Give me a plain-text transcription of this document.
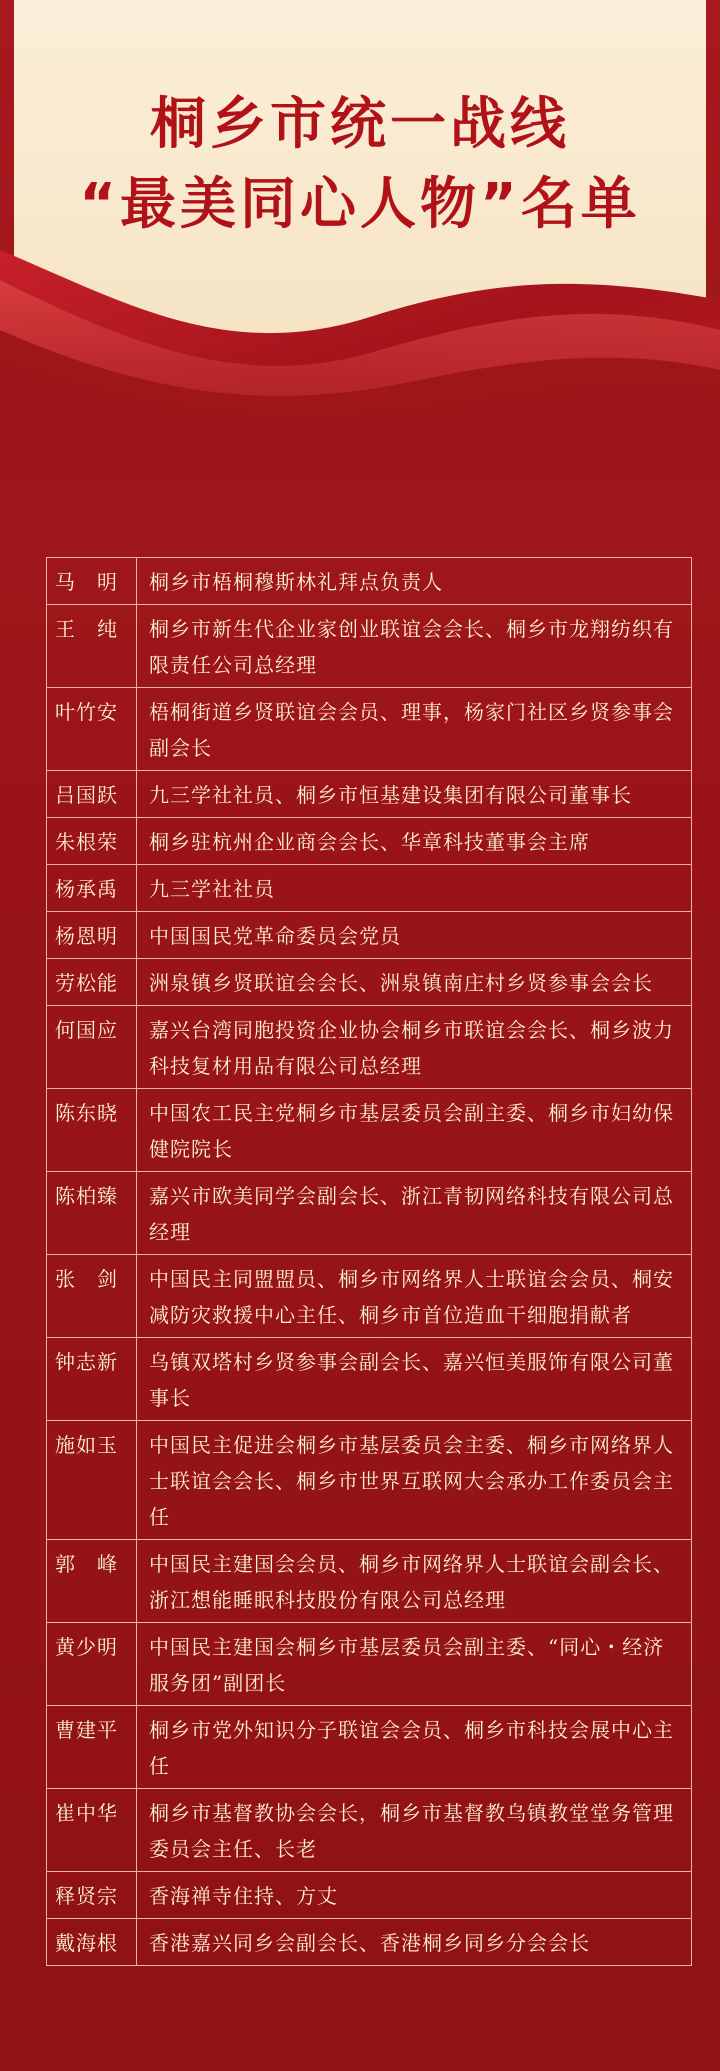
桐乡市统一战线
“最美同心人物”名单
马　明	桐乡市梧桐穆斯林礼拜点负责人
王　纯	桐乡市新生代企业家创业联谊会会长、桐乡市龙翔纺织有限责任公司总经理
叶竹安	梧桐街道乡贤联谊会会员、理事，杨家门社区乡贤参事会副会长
吕国跃	九三学社社员、桐乡市恒基建设集团有限公司董事长
朱根荣	桐乡驻杭州企业商会会长、华章科技董事会主席
杨承禹	九三学社社员
杨恩明	中国国民党革命委员会党员
劳松能	洲泉镇乡贤联谊会会长、洲泉镇南庄村乡贤参事会会长
何国应	嘉兴台湾同胞投资企业协会桐乡市联谊会会长、桐乡波力科技复材用品有限公司总经理
陈东晓	中国农工民主党桐乡市基层委员会副主委、桐乡市妇幼保健院院长
陈柏臻	嘉兴市欧美同学会副会长、浙江青韧网络科技有限公司总经理
张　剑	中国民主同盟盟员、桐乡市网络界人士联谊会会员、桐安减防灾救援中心主任、桐乡市首位造血干细胞捐献者
钟志新	乌镇双塔村乡贤参事会副会长、嘉兴恒美服饰有限公司董事长
施如玉	中国民主促进会桐乡市基层委员会主委、桐乡市网络界人士联谊会会长、桐乡市世界互联网大会承办工作委员会主任
郭　峰	中国民主建国会会员、桐乡市网络界人士联谊会副会长、浙江想能睡眠科技股份有限公司总经理
黄少明	中国民主建国会桐乡市基层委员会副主委、“同心・经济服务团”副团长
曹建平	桐乡市党外知识分子联谊会会员、桐乡市科技会展中心主任
崔中华	桐乡市基督教协会会长，桐乡市基督教乌镇教堂堂务管理委员会主任、长老
释贤宗	香海禅寺住持、方丈
戴海根	香港嘉兴同乡会副会长、香港桐乡同乡分会会长
